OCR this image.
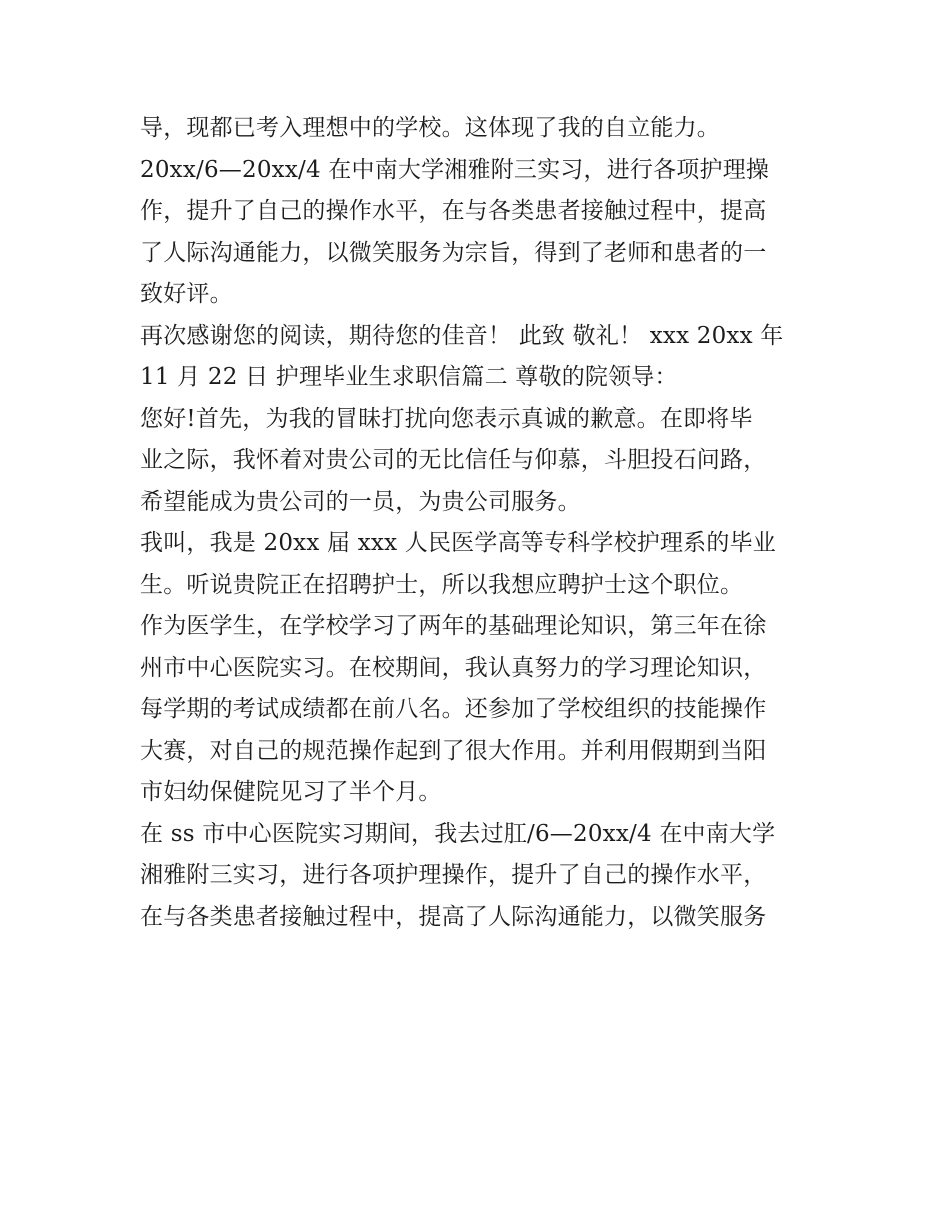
导，现都已考入理想中的学校。这体现了我的自立能力。
20xx/6—20xx/4 在中南大学湘雅附三实习，进行各项护理操
作，提升了自己的操作水平，在与各类患者接触过程中，提高
了人际沟通能力，以微笑服务为宗旨，得到了老师和患者的一
致好评。
再次感谢您的阅读，期待您的佳音！ 此致 敬礼！ xxx 20xx 年
11 月 22 日 护理毕业生求职信篇二 尊敬的院领导：
您好!首先，为我的冒昧打扰向您表示真诚的歉意。在即将毕
业之际，我怀着对贵公司的无比信任与仰慕，斗胆投石问路，
希望能成为贵公司的一员，为贵公司服务。
我叫，我是 20xx 届 xxx 人民医学高等专科学校护理系的毕业
生。听说贵院正在招聘护士，所以我想应聘护士这个职位。
作为医学生，在学校学习了两年的基础理论知识，第三年在徐
州市中心医院实习。在校期间，我认真努力的学习理论知识，
每学期的考试成绩都在前八名。还参加了学校组织的技能操作
大赛，对自己的规范操作起到了很大作用。并利用假期到当阳
市妇幼保健院见习了半个月。
在 ss 市中心医院实习期间，我去过肛/6—20xx/4 在中南大学
湘雅附三实习，进行各项护理操作，提升了自己的操作水平，
在与各类患者接触过程中，提高了人际沟通能力，以微笑服务
